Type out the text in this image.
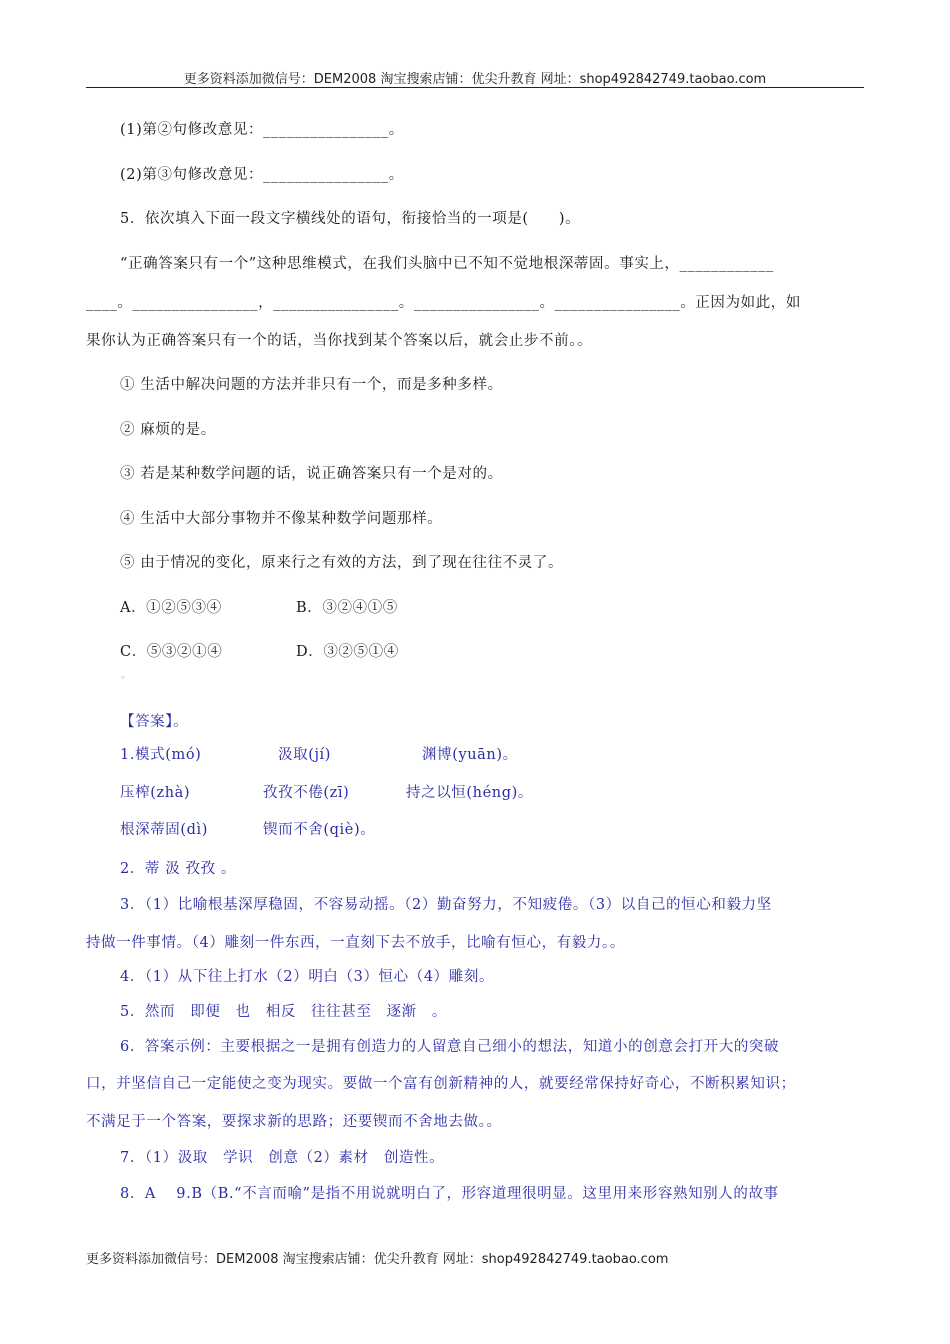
更多资料添加微信号：DEM2008 淘宝搜索店铺：优尖升教育 网址：shop492842749.taobao.com
(1)第②句修改意见：________________。
(2)第③句修改意见：________________。
5．依次填入下面一段文字横线处的语句，衔接恰当的一项是(　　)。
“正确答案只有一个”这种思维模式，在我们头脑中已不知不觉地根深蒂固。事实上，____________
____。________________，________________。________________。________________。正因为如此，如
果你认为正确答案只有一个的话，当你找到某个答案以后，就会止步不前。。
① 生活中解决问题的方法并非只有一个，而是多种多样。
② 麻烦的是。
③ 若是某种数学问题的话，说正确答案只有一个是对的。
④ 生活中大部分事物并不像某种数学问题那样。
⑤ 由于情况的变化，原来行之有效的方法，到了现在往往不灵了。
A．①②⑤③④	B．③②④①⑤
C．⑤③②①④	D．③②⑤①④
。
【答案】。
1.模式(mó)	汲取(jí)	渊博(yuān)。
压榨(zhà)	孜孜不倦(zī)	持之以恒(héng)。
根深蒂固(dì)	锲而不舍(qiè)。
2．蒂 汲 孜孜 。
3．（1）比喻根基深厚稳固，不容易动摇。（2）勤奋努力，不知疲倦。（3）以自己的恒心和毅力坚
持做一件事情。（4）雕刻一件东西，一直刻下去不放手，比喻有恒心，有毅力。。
4．（1）从下往上打水（2）明白（3）恒心（4）雕刻。
5．然而　即便　也　相反　往往甚至　逐渐　。
6．答案示例：主要根据之一是拥有创造力的人留意自己细小的想法，知道小的创意会打开大的突破
口，并坚信自己一定能使之变为现实。要做一个富有创新精神的人，就要经常保持好奇心，不断积累知识；
不满足于一个答案，要探求新的思路；还要锲而不舍地去做。。
7．（1）汲取　学识　创意（2）素材　创造性。
8．A　 9.B（B.“不言而喻”是指不用说就明白了，形容道理很明显。这里用来形容熟知别人的故事
更多资料添加微信号：DEM2008 淘宝搜索店铺：优尖升教育 网址：shop492842749.taobao.com
